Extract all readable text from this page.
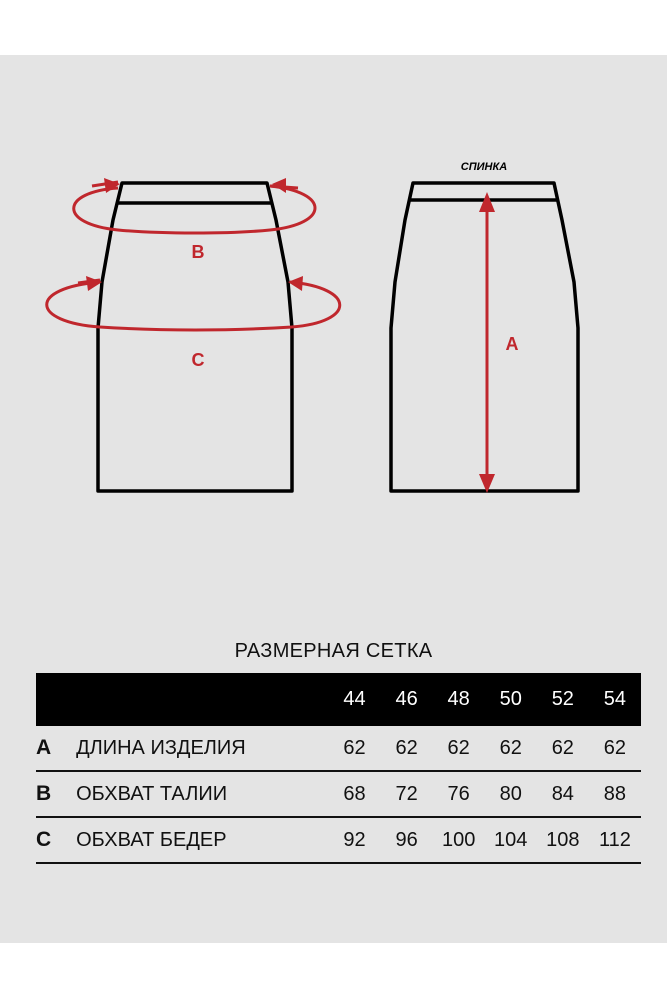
B
C
СПИНКА
A
РАЗМЕРНАЯ СЕТКА
		44	46	48	50	52	54
A	ДЛИНА ИЗДЕЛИЯ	62	62	62	62	62	62
B	ОБХВАТ ТАЛИИ	68	72	76	80	84	88
C	ОБХВАТ БЕДЕР	92	96	100	104	108	112
